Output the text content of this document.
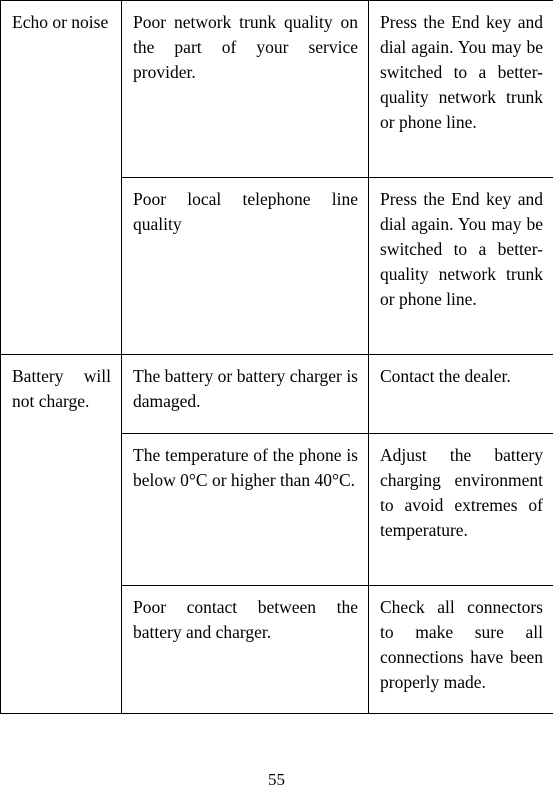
Echo or noise	Poor network trunk quality on the part of your service provider.	Press the End key and dial again. You may be switched to a better-quality network trunk or phone line.
	Poor local telephone line quality	Press the End key and dial again. You may be switched to a better-quality network trunk or phone line.
Battery will not charge.	The battery or battery charger is damaged.	Contact the dealer.
	The temperature of the phone is below 0°C or higher than 40°C.	Adjust the battery charging environment to avoid extremes of temperature.
	Poor contact between the battery and charger.	Check all connectors to make sure all connections have been properly made.
55
